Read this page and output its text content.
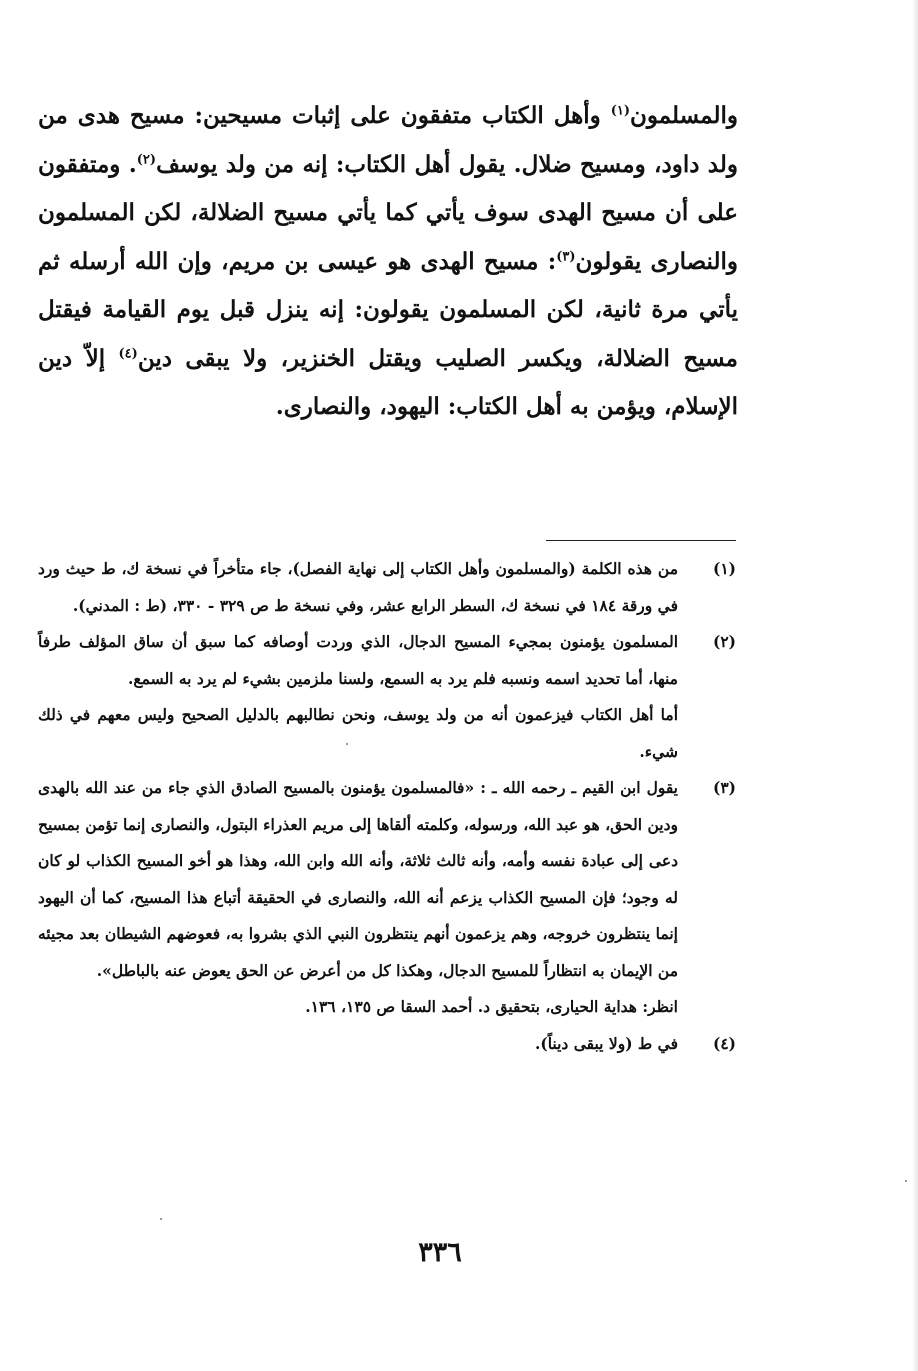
والمسلمون$^{(١)}$ وأهل الكتاب متفقون على إثبات مسيحين: مسيح هدى من ولد داود، ومسيح ضلال. يقول أهل الكتاب: إنه من ولد يوسف$^{(٢)}$. ومتفقون على أن مسيح الهدى سوف يأتي كما يأتي مسيح الضلالة، لكن المسلمون والنصارى يقولون$^{(٣)}$: مسيح الهدى هو عيسى بن مريم، وإن الله أرسله ثم يأتي مرة ثانية، لكن المسلمون يقولون: إنه ينزل قبل يوم القيامة فيقتل مسيح الضلالة، ويكسر الصليب ويقتل الخنزير، ولا يبقى دين$^{(٤)}$ إلاّ دين الإسلام، ويؤمن به أهل الكتاب: اليهود، والنصارى.

(١)

من هذه الكلمة (والمسلمون وأهل الكتاب إلى نهاية الفصل)، جاء متأخراً في نسخة ك، ط حيث ورد في ورقة ١٨٤ في نسخة ك، السطر الرابع عشر، وفي نسخة ط ص ٣٢٩ - ٣٣٠، (ط : المدني).

(٢)

المسلمون يؤمنون بمجيء المسيح الدجال، الذي وردت أوصافه كما سبق أن ساق المؤلف طرفاً منها، أما تحديد اسمه ونسبه فلم يرد به السمع، ولسنا ملزمين بشيء لم يرد به السمع.

أما أهل الكتاب فيزعمون أنه من ولد يوسف، ونحن نطالبهم بالدليل الصحيح وليس معهم في ذلك شيء.

(٣)

يقول ابن القيم ـ رحمه الله ـ : «فالمسلمون يؤمنون بالمسيح الصادق الذي جاء من عند الله بالهدى ودين الحق، هو عبد الله، ورسوله، وكلمته ألقاها إلى مريم العذراء البتول، والنصارى إنما تؤمن بمسيح دعى إلى عبادة نفسه وأمه، وأنه ثالث ثلاثة، وأنه الله وابن الله، وهذا هو أخو المسيح الكذاب لو كان له وجود؛ فإن المسيح الكذاب يزعم أنه الله، والنصارى في الحقيقة أتباع هذا المسيح، كما أن اليهود إنما ينتظرون خروجه، وهم يزعمون أنهم ينتظرون النبي الذي بشروا به، فعوضهم الشيطان بعد مجيئه من الإيمان به انتظاراً للمسيح الدجال، وهكذا كل من أعرض عن الحق يعوض عنه بالباطل».

انظر: هداية الحيارى، بتحقيق د. أحمد السقا ص ١٣٥، ١٣٦.

(٤)

في ط (ولا يبقى ديناً).

٣٣٦
